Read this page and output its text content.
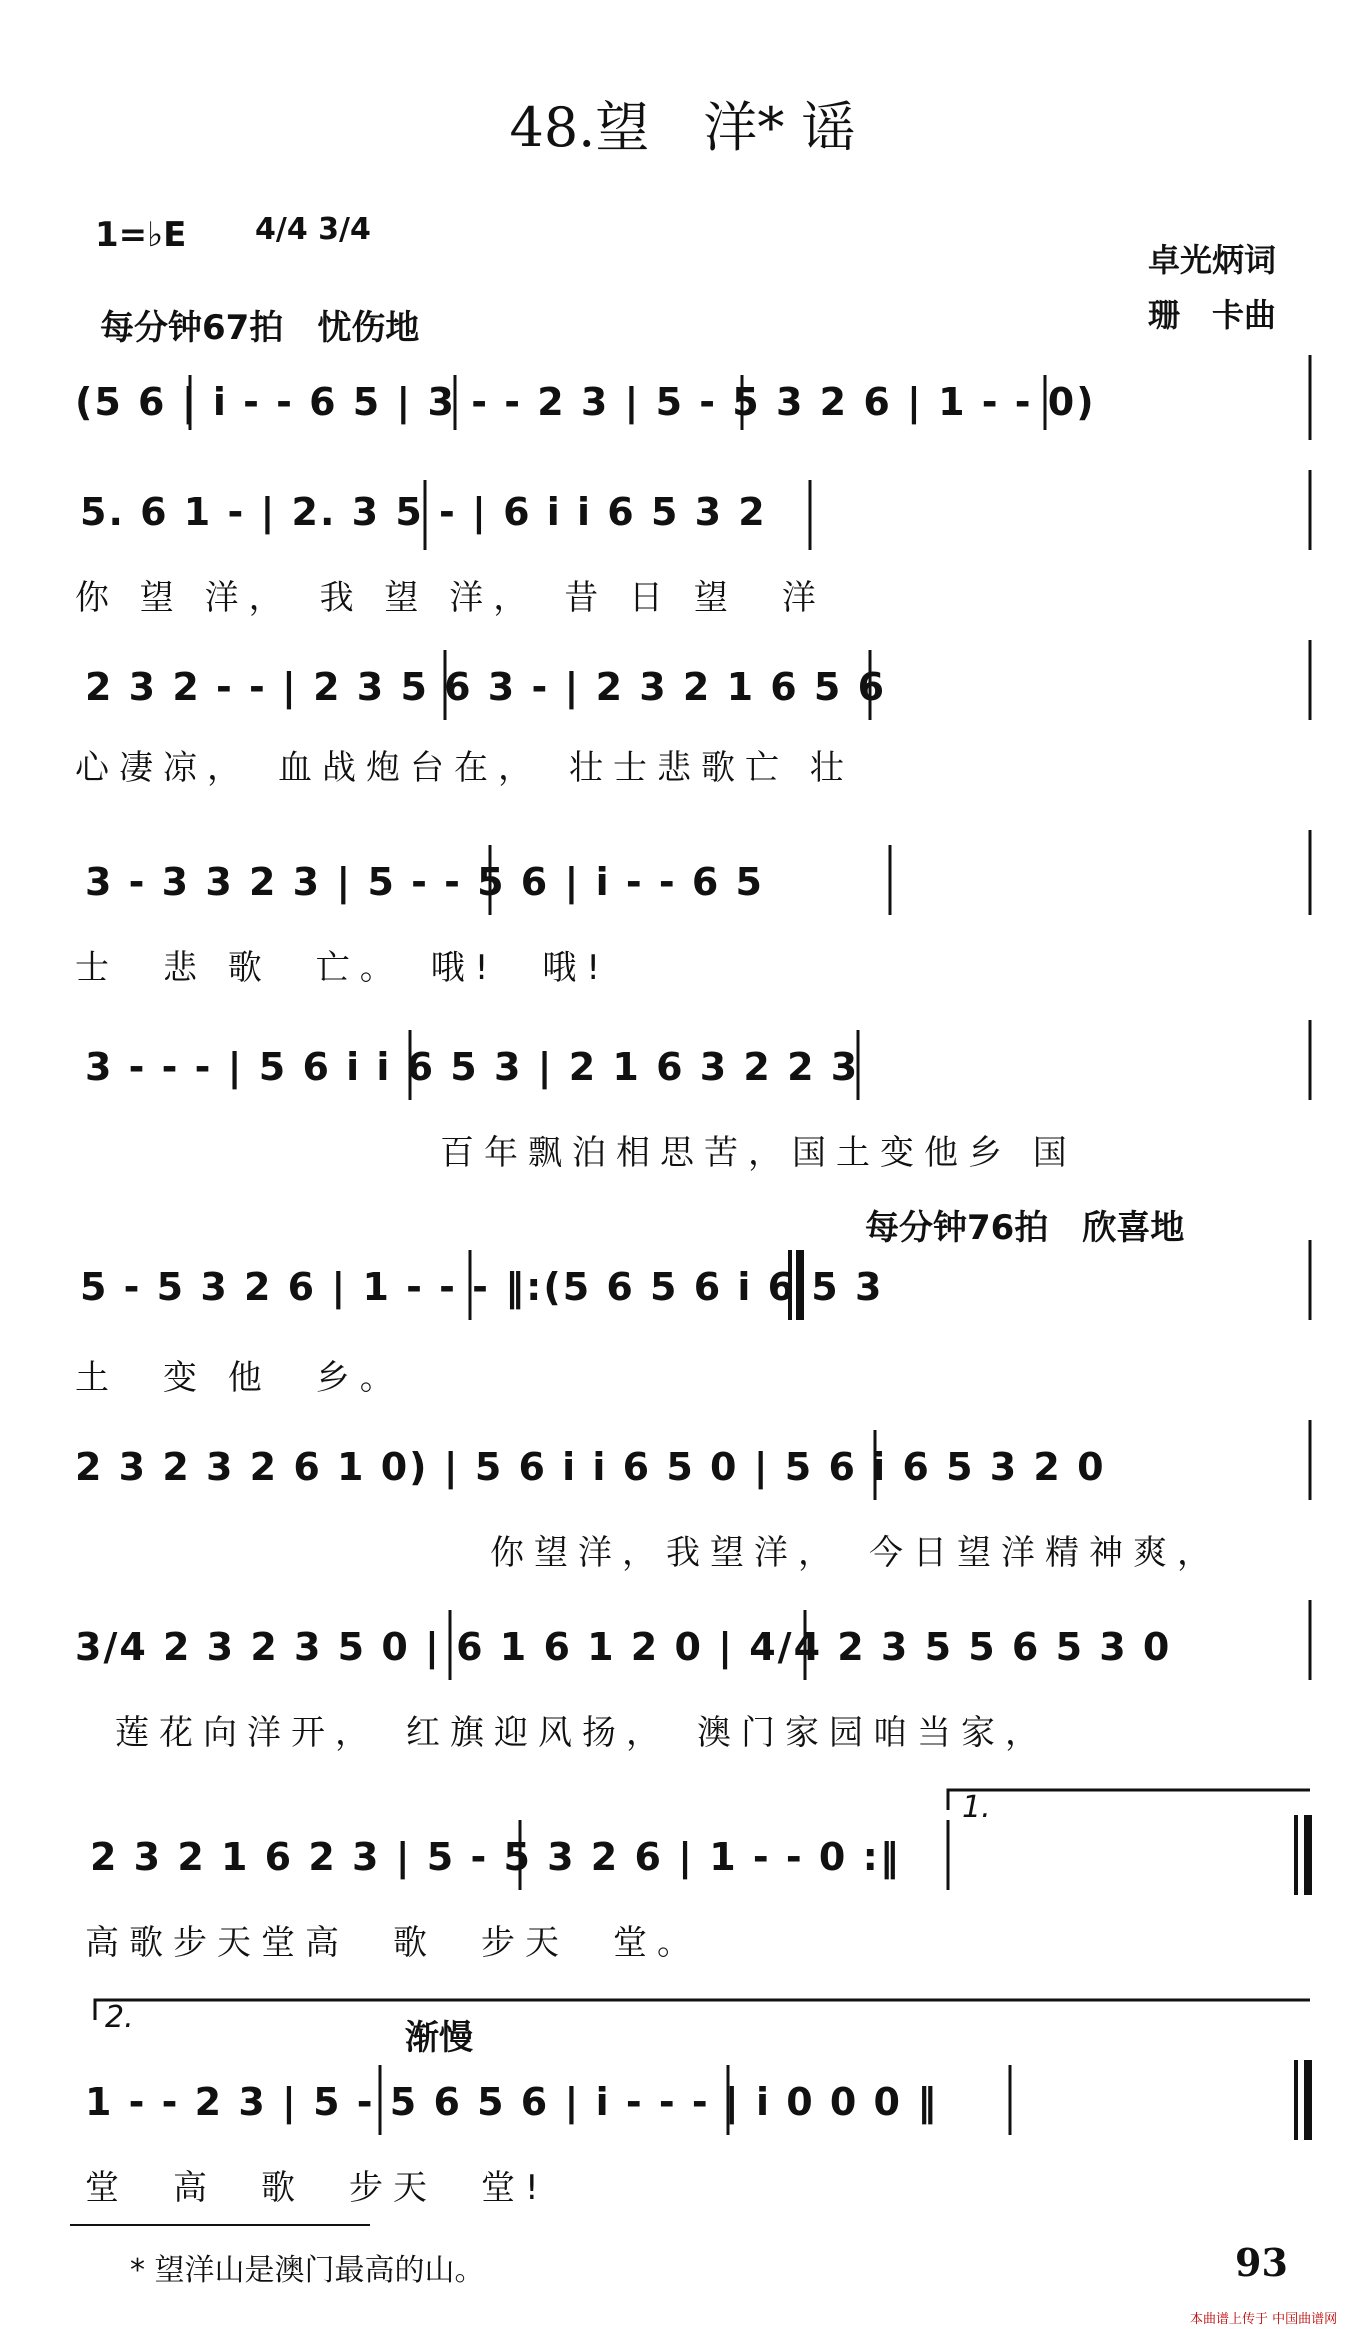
48.望　洋* 谣
1=♭E 4/4 3/4
每分钟67拍　忧伤地
卓光炳词
珊　卡曲
(5 6 | i - - 6 5 | 3 - - 2 3 | 5 - 5 3 2 6 | 1 - - 0)
5. 6 1 - | 2. 3 5 - | 6 i i 6 5 3 2
你 望 洋，　我 望 洋，　昔 日 望　洋
2 3 2 - - | 2 3 5 6 3 - | 2 3 2 1 6 5 6
心凄凉，　血战炮台在，　壮士悲歌亡 壮
3 - 3 3 2 3 | 5 - - 5 6 | i - - 6 5
士　悲 歌　亡。　哦!　哦!
3 - - - | 5 6 i i 6 5 3 | 2 1 6 3 2 2 3
百年飘泊相思苦，国土变他乡 国
每分钟76拍　欣喜地
5 - 5 3 2 6 | 1 - - - ‖:(5 6 5 6 i 6 5 3
土　变 他　乡。
2 3 2 3 2 6 1 0) | 5 6 i i 6 5 0 | 5 6 i 6 5 3 2 0
你望洋，我望洋，　今日望洋精神爽，
3/4 2 3 2 3 5 0 | 6 1 6 1 2 0 | 4/4 2 3 5 5 6 5 3 0
莲花向洋开，　红旗迎风扬，　澳门家园咱当家，
1.
2 3 2 1 6 2 3 | 5 - 5 3 2 6 | 1 - - 0 :‖
高歌步天堂高　歌　步天　堂。
2.
渐慢
1 - - 2 3 | 5 - 5 6 5 6 | i - - - | i 0 0 0 ‖
堂　高　歌　步天　堂!
* 望洋山是澳门最高的山。	93
本曲谱上传于 中国曲谱网
